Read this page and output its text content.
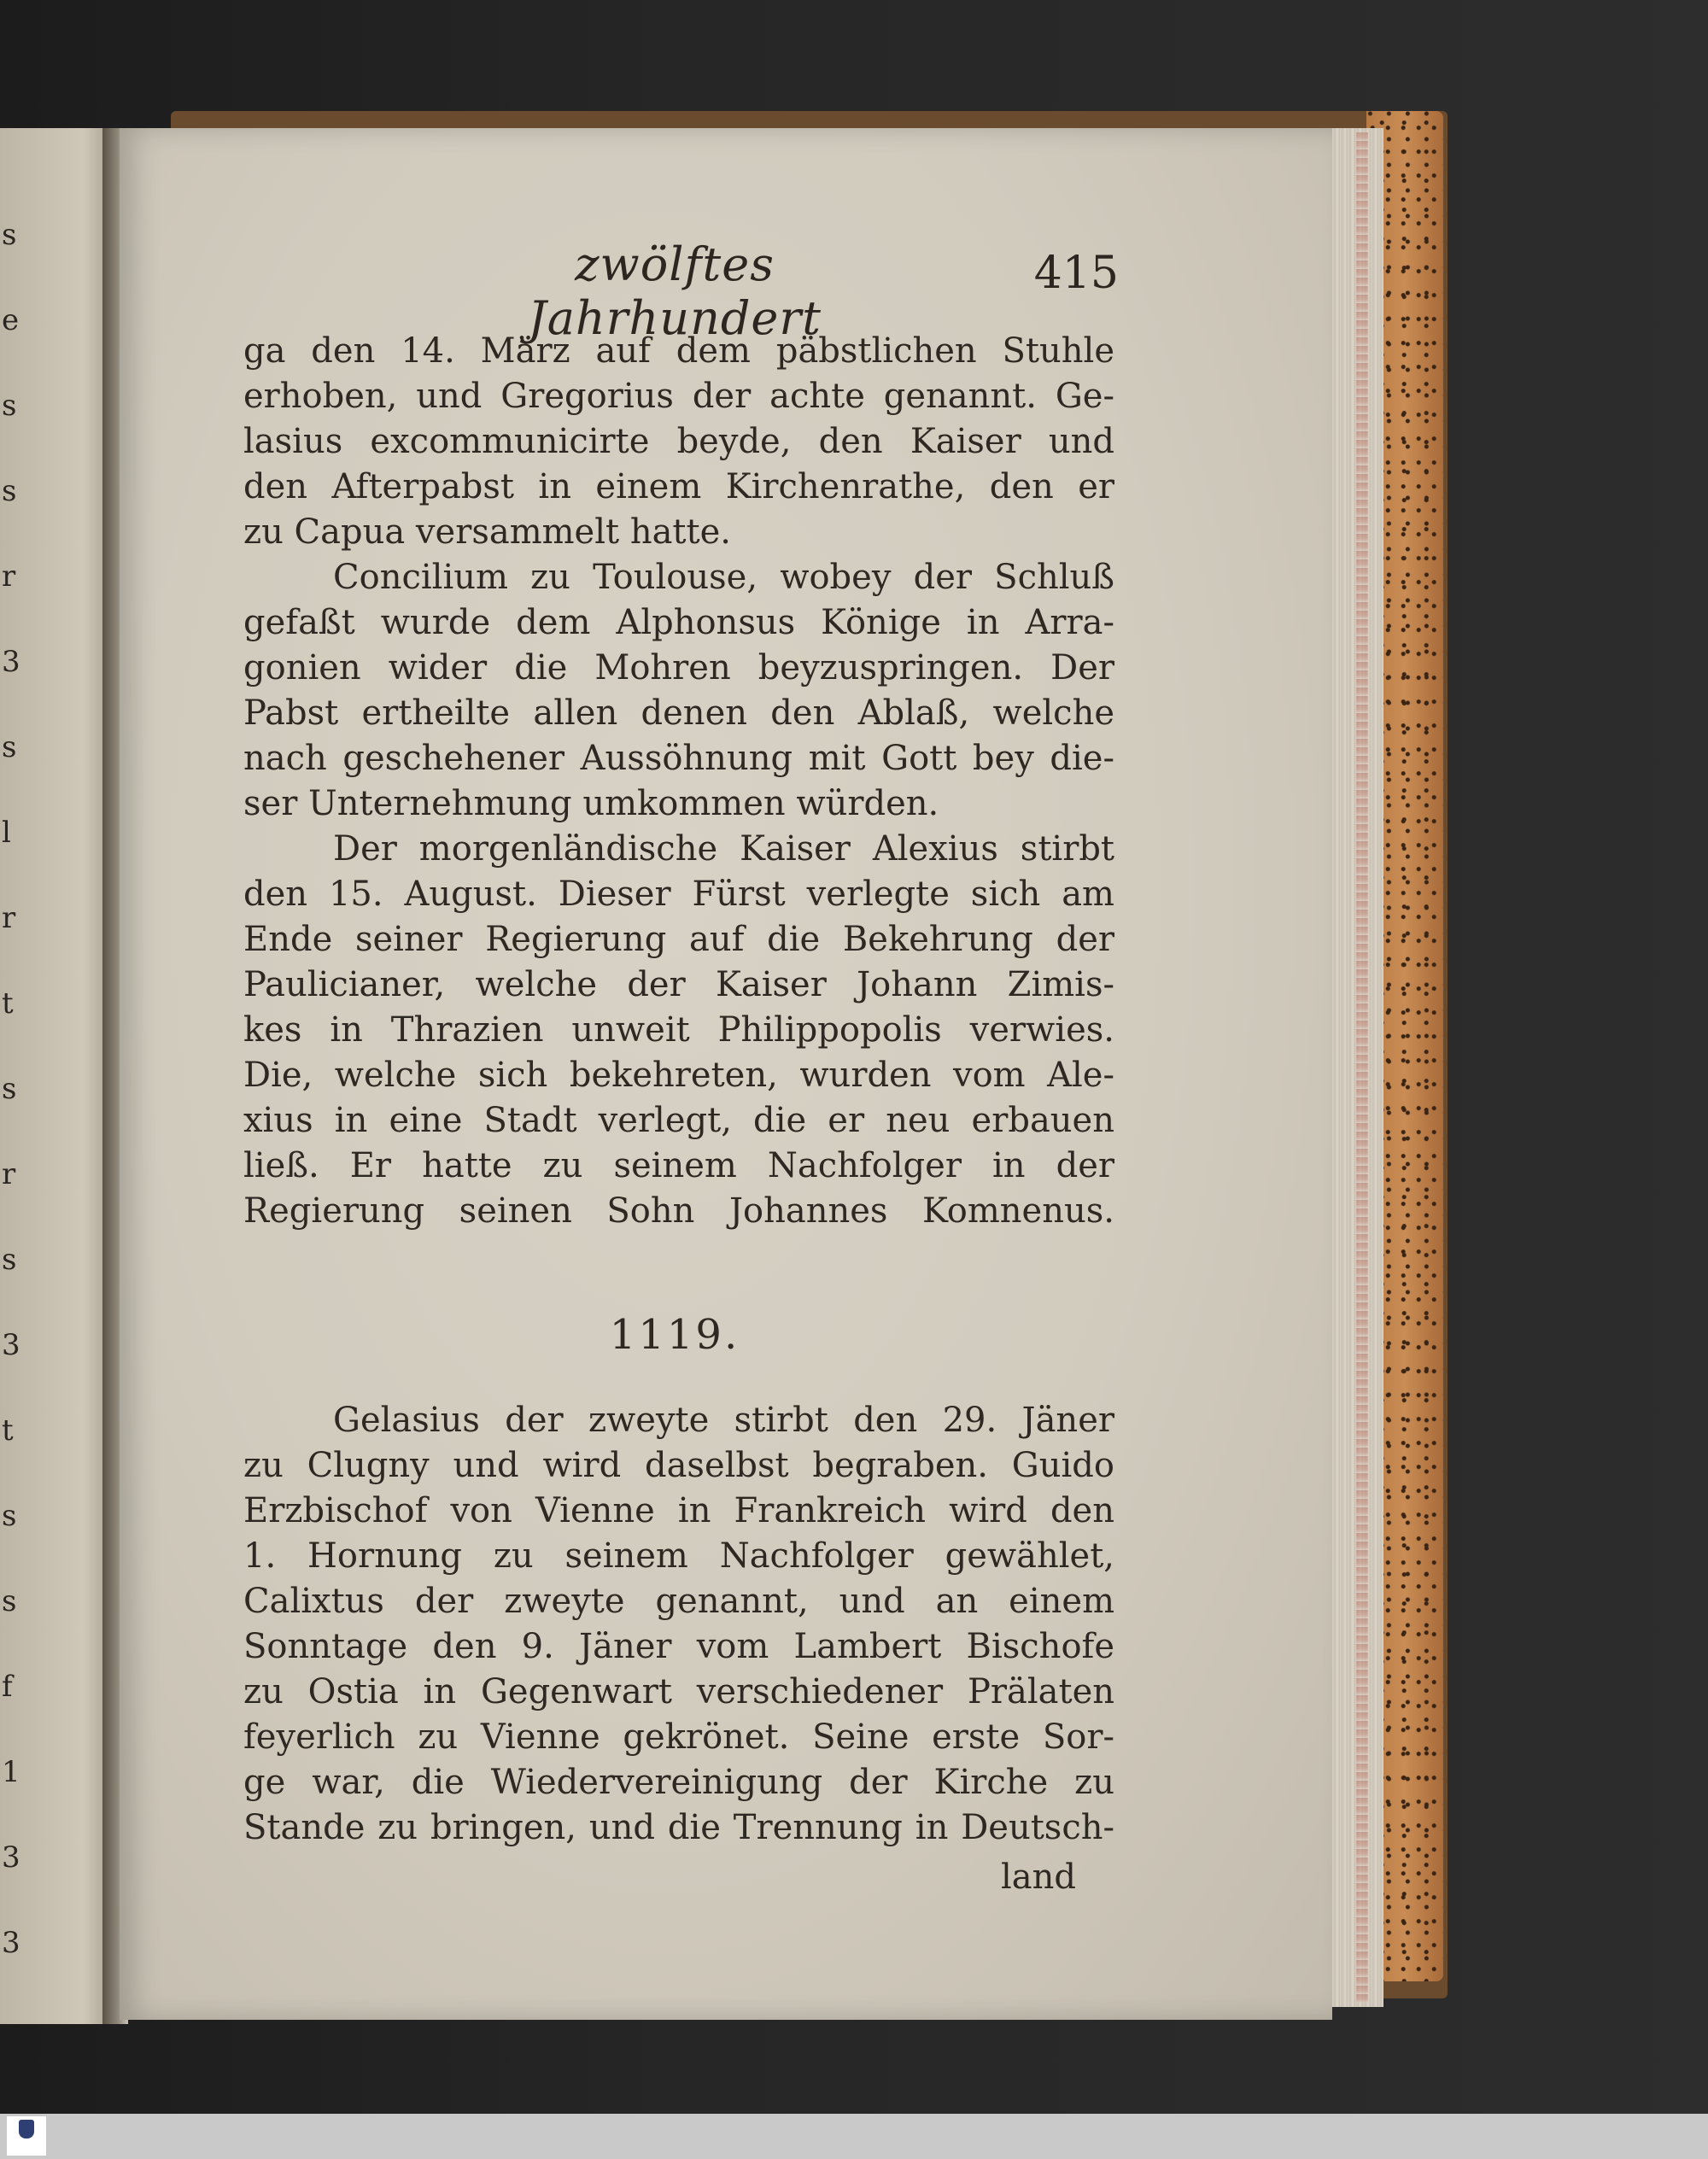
s
e
s
s
r
3
s
l
r
t
s
r
s
3
t
s
s
f
1
3
3
zwölftes Jahrhundert
415
ga den 14. März auf dem päbstlichen Stuhle
erhoben, und Gregorius der achte genannt. Ge-
lasius excommunicirte beyde, den Kaiser und
den Afterpabst in einem Kirchenrathe, den er
zu Capua versammelt hatte.
Concilium zu Toulouse, wobey der Schluß
gefaßt wurde dem Alphonsus Könige in Arra-
gonien wider die Mohren beyzuspringen. Der
Pabst ertheilte allen denen den Ablaß, welche
nach geschehener Aussöhnung mit Gott bey die-
ser Unternehmung umkommen würden.
Der morgenländische Kaiser Alexius stirbt
den 15. August. Dieser Fürst verlegte sich am
Ende seiner Regierung auf die Bekehrung der
Paulicianer, welche der Kaiser Johann Zimis-
kes in Thrazien unweit Philippopolis verwies.
Die, welche sich bekehreten, wurden vom Ale-
xius in eine Stadt verlegt, die er neu erbauen
ließ. Er hatte zu seinem Nachfolger in der
Regierung seinen Sohn Johannes Komnenus.
1119.
Gelasius der zweyte stirbt den 29. Jäner
zu Clugny und wird daselbst begraben. Guido
Erzbischof von Vienne in Frankreich wird den
1. Hornung zu seinem Nachfolger gewählet,
Calixtus der zweyte genannt, und an einem
Sonntage den 9. Jäner vom Lambert Bischofe
zu Ostia in Gegenwart verschiedener Prälaten
feyerlich zu Vienne gekrönet. Seine erste Sor-
ge war, die Wiedervereinigung der Kirche zu
Stande zu bringen, und die Trennung in Deutsch-
land
